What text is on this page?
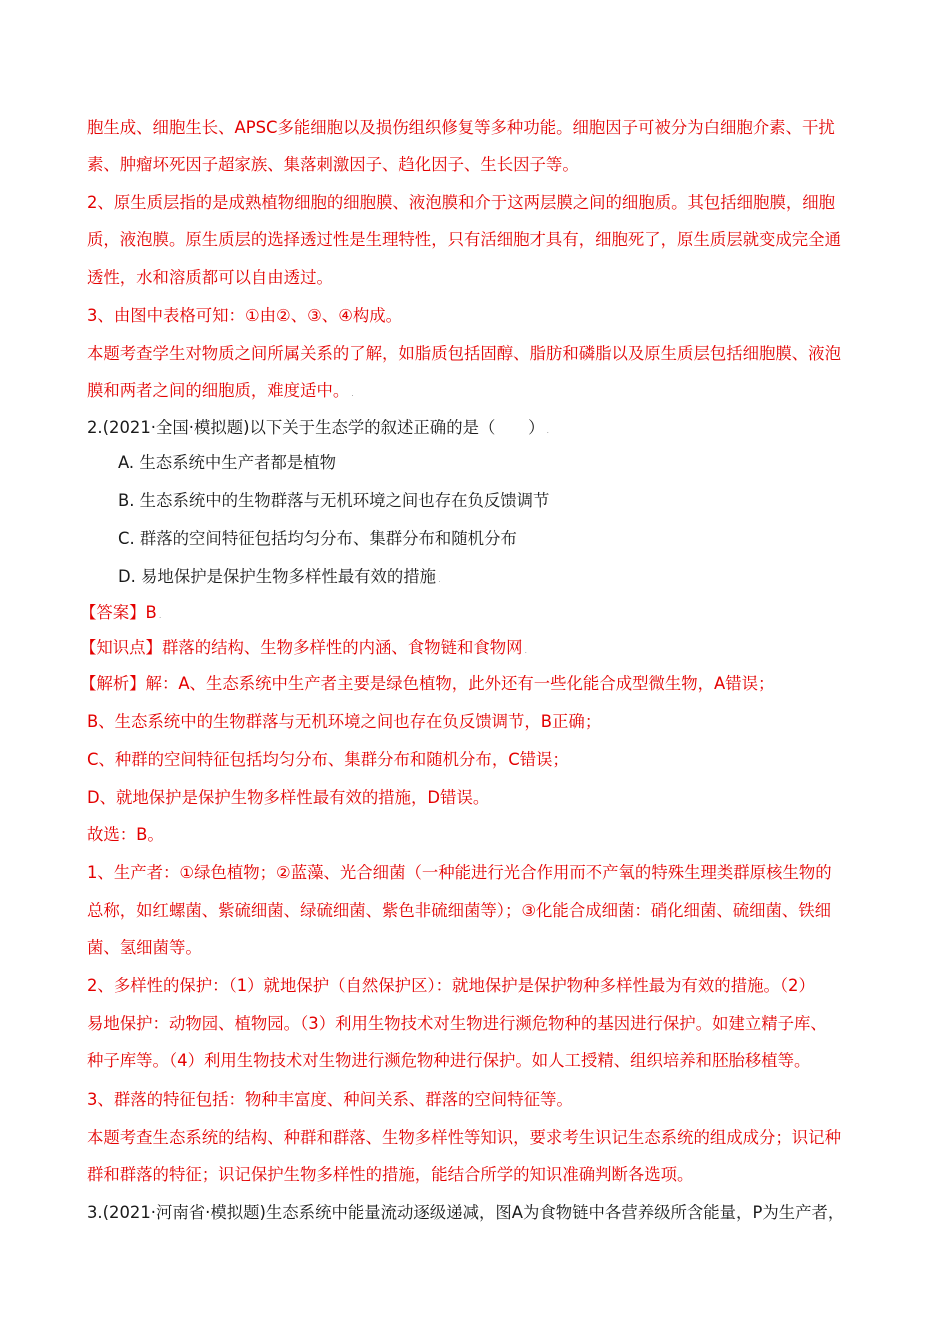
胞生成、细胞生长、APSC多能细胞以及损伤组织修复等多种功能。细胞因子可被分为白细胞介素、干扰
素、肿瘤坏死因子超家族、集落刺激因子、趋化因子、生长因子等。
2、原生质层指的是成熟植物细胞的细胞膜、液泡膜和介于这两层膜之间的细胞质。其包括细胞膜，细胞
质，液泡膜。原生质层的选择透过性是生理特性，只有活细胞才具有，细胞死了，原生质层就变成完全通
透性，水和溶质都可以自由透过。
3、由图中表格可知：①由②、③、④构成。
本题考查学生对物质之间所属关系的了解，如脂质包括固醇、脂肪和磷脂以及原生质层包括细胞膜、液泡
膜和两者之间的细胞质，难度适中。 .
2.(2021·全国·模拟题)以下关于生态学的叙述正确的是（　　） .
A. 生态系统中生产者都是植物
B. 生态系统中的生物群落与无机环境之间也存在负反馈调节
C. 群落的空间特征包括均匀分布、集群分布和随机分布
D. 易地保护是保护生物多样性最有效的措施 .
【答案】B .
【知识点】群落的结构、生物多样性的内涵、食物链和食物网 .
【解析】解：A、生态系统中生产者主要是绿色植物，此外还有一些化能合成型微生物，A错误；
B、生态系统中的生物群落与无机环境之间也存在负反馈调节，B正确；
C、种群的空间特征包括均匀分布、集群分布和随机分布，C错误；
D、就地保护是保护生物多样性最有效的措施，D错误。
故选：B。
1、生产者：①绿色植物；②蓝藻、光合细菌（一种能进行光合作用而不产氧的特殊生理类群原核生物的
总称，如红螺菌、紫硫细菌、绿硫细菌、紫色非硫细菌等）；③化能合成细菌：硝化细菌、硫细菌、铁细
菌、氢细菌等。
2、多样性的保护：（1）就地保护（自然保护区）：就地保护是保护物种多样性最为有效的措施。（2）
易地保护：动物园、植物园。（3）利用生物技术对生物进行濒危物种的基因进行保护。如建立精子库、
种子库等。（4）利用生物技术对生物进行濒危物种进行保护。如人工授精、组织培养和胚胎移植等。
3、群落的特征包括：物种丰富度、种间关系、群落的空间特征等。
本题考查生态系统的结构、种群和群落、生物多样性等知识，要求考生识记生态系统的组成成分；识记种
群和群落的特征；识记保护生物多样性的措施，能结合所学的知识准确判断各选项。
3.(2021·河南省·模拟题)生态系统中能量流动逐级递减，图A为食物链中各营养级所含能量，P为生产者，
